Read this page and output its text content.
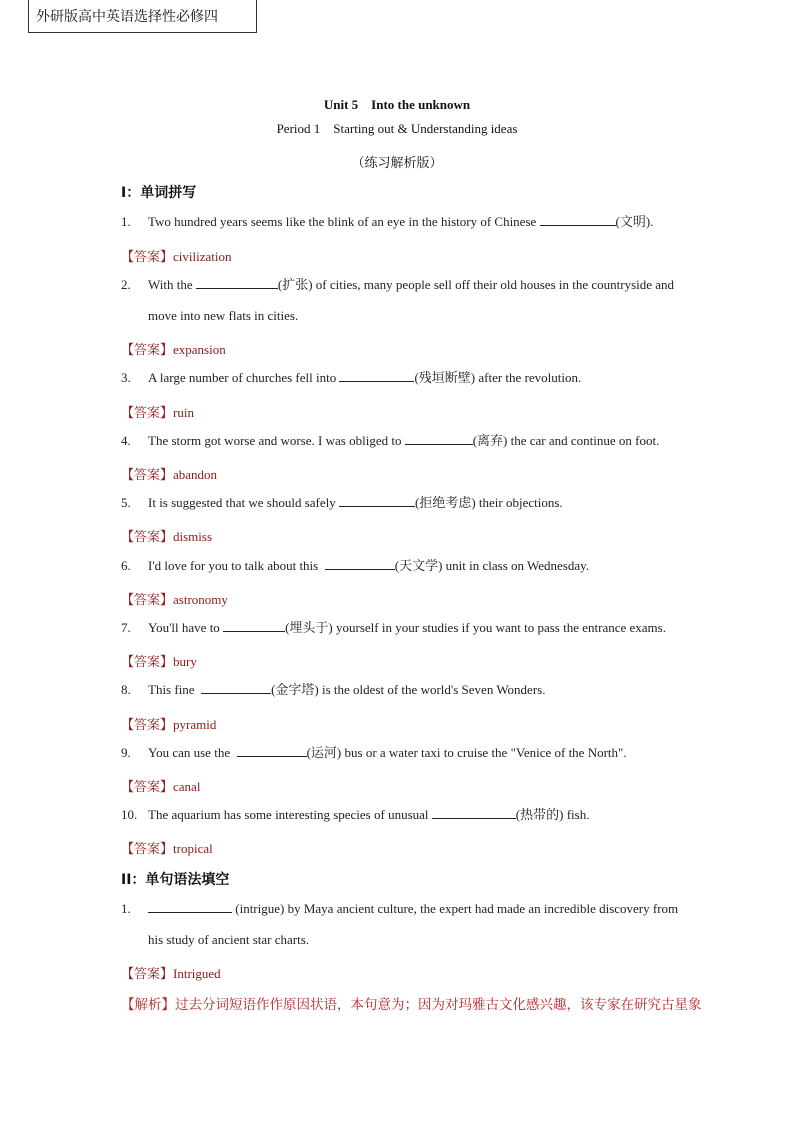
外研版高中英语选择性必修四
Unit 5    Into the unknown
Period 1    Starting out & Understanding ideas
（练习解析版）
I：单词拼写
1. Two hundred years seems like the blink of an eye in the history of Chinese	(文明).
【答案】civilization
2. With the	(扩张) of cities, many people sell off their old houses in the countryside and
move into new flats in cities.
【答案】expansion
3. A large number of churches fell into	(残垣断壁) after the revolution.
【答案】ruin
4. The storm got worse and worse. I was obliged to	(离弃) the car and continue on foot.
【答案】abandon
5. It is suggested that we should safely	(拒绝考虑) their objections.
【答案】dismiss
6. I'd love for you to talk about this	(天文学) unit in class on Wednesday.
【答案】astronomy
7. You'll have to	(埋头于) yourself in your studies if you want to pass the entrance exams.
【答案】bury
8. This fine	(金字塔) is the oldest of the world's Seven Wonders.
【答案】pyramid
9. You can use the	(运河) bus or a water taxi to cruise the "Venice of the North".
【答案】canal
10. The aquarium has some interesting species of unusual	(热带的) fish.
【答案】tropical
II：单句语法填空
1.	(intrigue) by Maya ancient culture, the expert had made an incredible discovery from
his study of ancient star charts.
【答案】Intrigued
【解析】过去分词短语作作原因状语，本句意为；因为对玛雅古文化感兴趣，该专家在研究古星象
